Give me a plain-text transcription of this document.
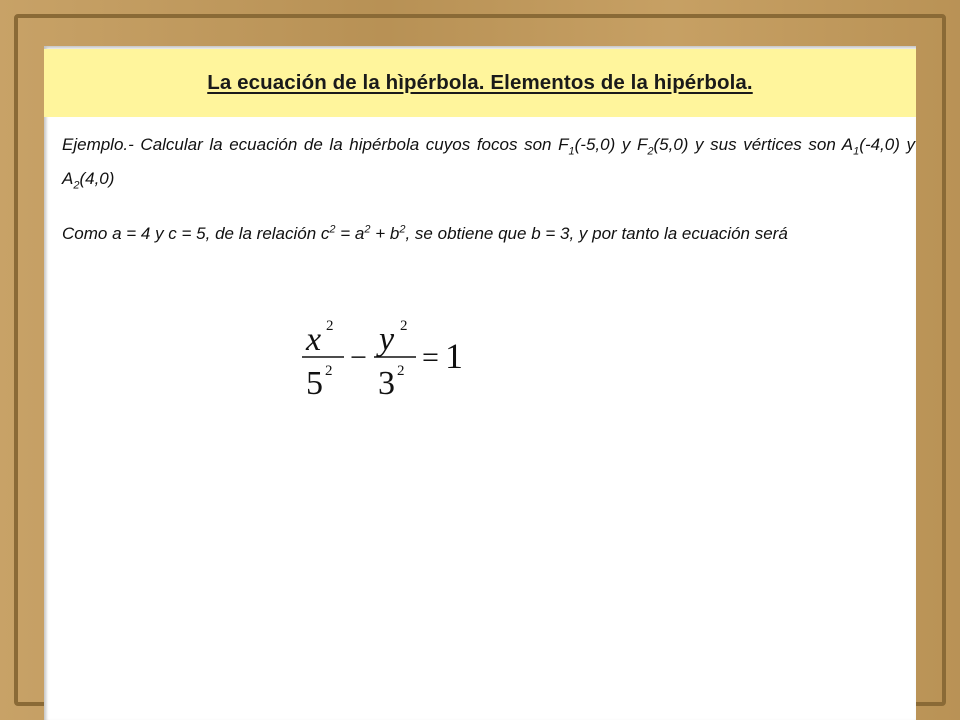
La ecuación de la hìpérbola. Elementos de la hipérbola.

Ejemplo.- Calcular la ecuación de la hipérbola cuyos focos son $F_1(-5,0)$ y $F_2(5,0)$ y sus vértices son $A_1(-4,0)$ y $A_2(4,0)$

Como a = 4 y c = 5, de la relación $c^2 = a^2 + b^2$, se obtiene que b = 3, y por tanto la ecuación será

x 2
5 2 − y 2
3 2 = 1
